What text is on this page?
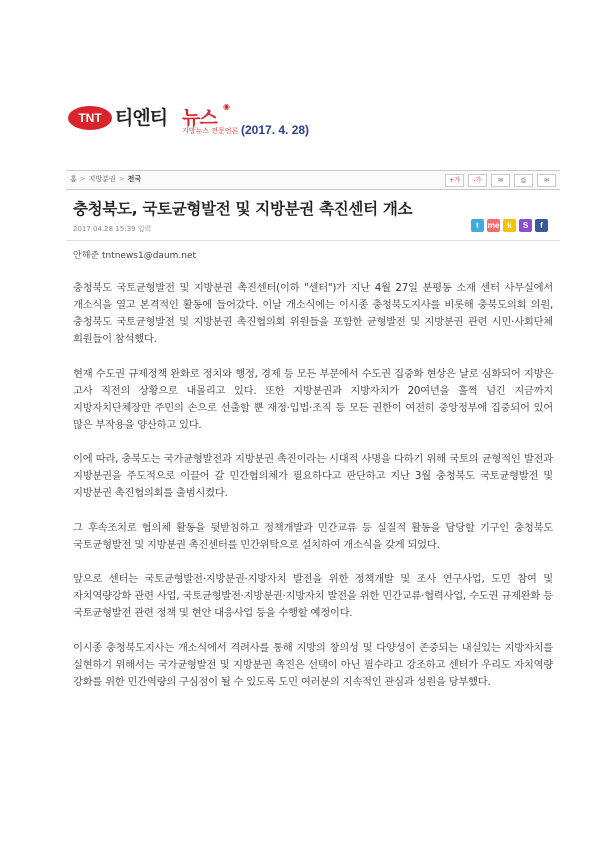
TNT 티엔티 뉴스
◉
지방뉴스 전문언론 (2017. 4. 28)
홈 > 지방분권 > 전국	+가	-가	✉	⎙	✉
충청북도, 국토균형발전 및 지방분권 촉진센터 개소
2017.04.28 15:39 입력	t	me k	S	f
안해준 tntnews1@daum.net

충청북도 국토균형발전 및 지방분권 촉진센터(이하 "센터")가 지난 4월 27일 분평동 소재 센터 사무실에서 개소식을 열고 본격적인 활동에 들어갔다. 이날 개소식에는 이시종 충청북도지사를 비롯해 충북도의회 의원, 충청북도 국토균형발전 및 지방분권 촉진협의회 위원들을 포함한 균형발전 및 지방분권 관련 시민·사회단체 회원들이 참석했다.

현재 수도권 규제정책 완화로 정치와 행정, 경제 등 모든 부문에서 수도권 집중화 현상은 날로 심화되어 지방은 고사 직전의 상황으로 내몰리고 있다. 또한 지방분권과 지방자치가 20여년을 훌쩍 넘긴 지금까지 지방자치단체장만 주민의 손으로 선출할 뿐 재정·입법·조직 등 모든 권한이 여전히 중앙정부에 집중되어 있어 많은 부작용을 양산하고 있다.

이에 따라, 충북도는 국가균형발전과 지방분권 촉진이라는 시대적 사명을 다하기 위해 국토의 균형적인 발전과 지방분권을 주도적으로 이끌어 갈 민간협의체가 필요하다고 판단하고 지난 3월 충청북도 국토균형발전 및 지방분권 촉진협의회를 출범시켰다.

그 후속조치로 협의체 활동을 뒷받침하고 정책개발과 민간교류 등 실질적 활동을 담당할 기구인 충청북도 국토균형발전 및 지방분권 촉진센터를 민간위탁으로 설치하여 개소식을 갖게 되었다.

앞으로 센터는 국토균형발전·지방분권·지방자치 발전을 위한 정책개발 및 조사 연구사업, 도민 참여 및 자치역량강화 관련 사업, 국토균형발전·지방분권·지방자치 발전을 위한 민간교류·협력사업, 수도권 규제완화 등 국토균형발전 관련 정책 및 현안 대응사업 등을 수행할 예정이다.

이시종 충청북도지사는 개소식에서 격려사를 통해 지방의 창의성 및 다양성이 존중되는 내실있는 지방자치를 실현하기 위해서는 국가균형발전 및 지방분권 촉진은 선택이 아닌 필수라고 강조하고 센터가 우리도 자치역량 강화를 위한 민간역량의 구심점이 될 수 있도록 도민 여러분의 지속적인 관심과 성원을 당부했다.
